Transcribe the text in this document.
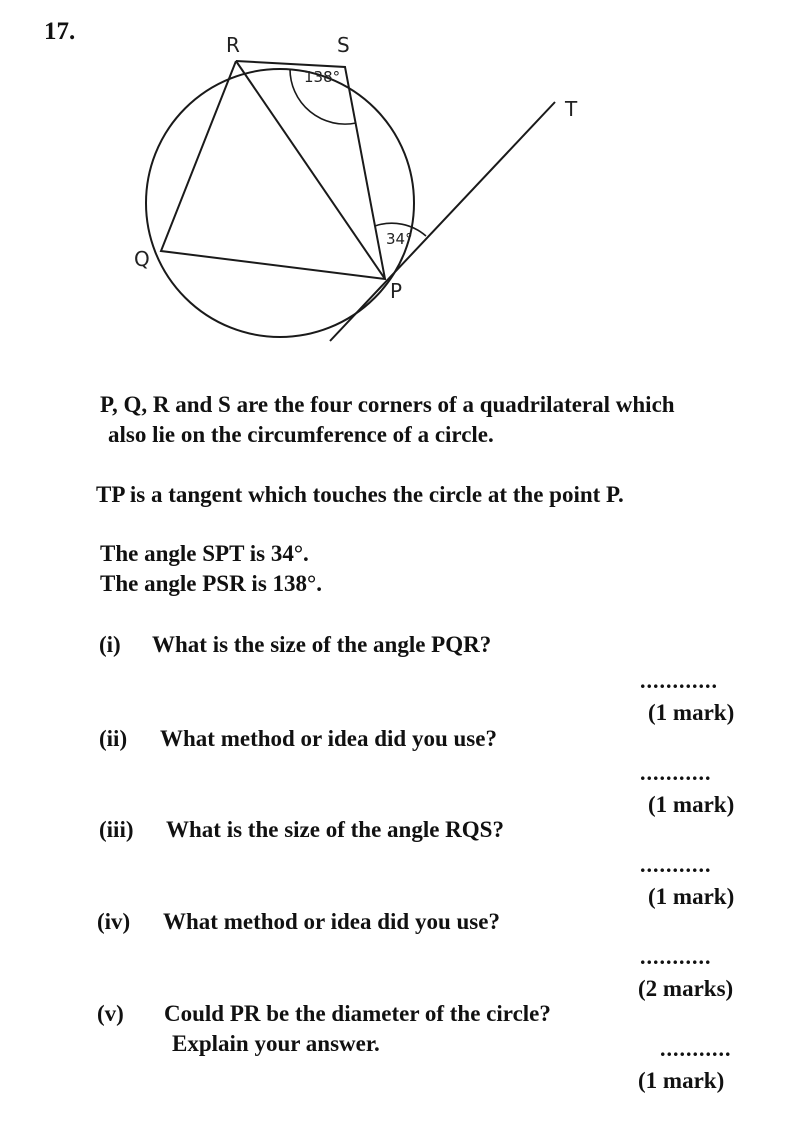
17.	R	S
T
Q
P
138°
34°
P, Q, R and S are the four corners of a quadrilateral which
also lie on the circumference of a circle.
TP is a tangent which touches the circle at the point P.
The angle SPT is 34°.
The angle PSR is 138°.
(i) What is the size of the angle PQR?
............
(1 mark)
(ii) What method or idea did you use?
...........
(1 mark)
(iii) What is the size of the angle RQS?
...........
(1 mark)
(iv) What method or idea did you use?
...........
(2 marks)
(v) Could PR be the diameter of the circle?
Explain your answer.	...........
(1 mark)
